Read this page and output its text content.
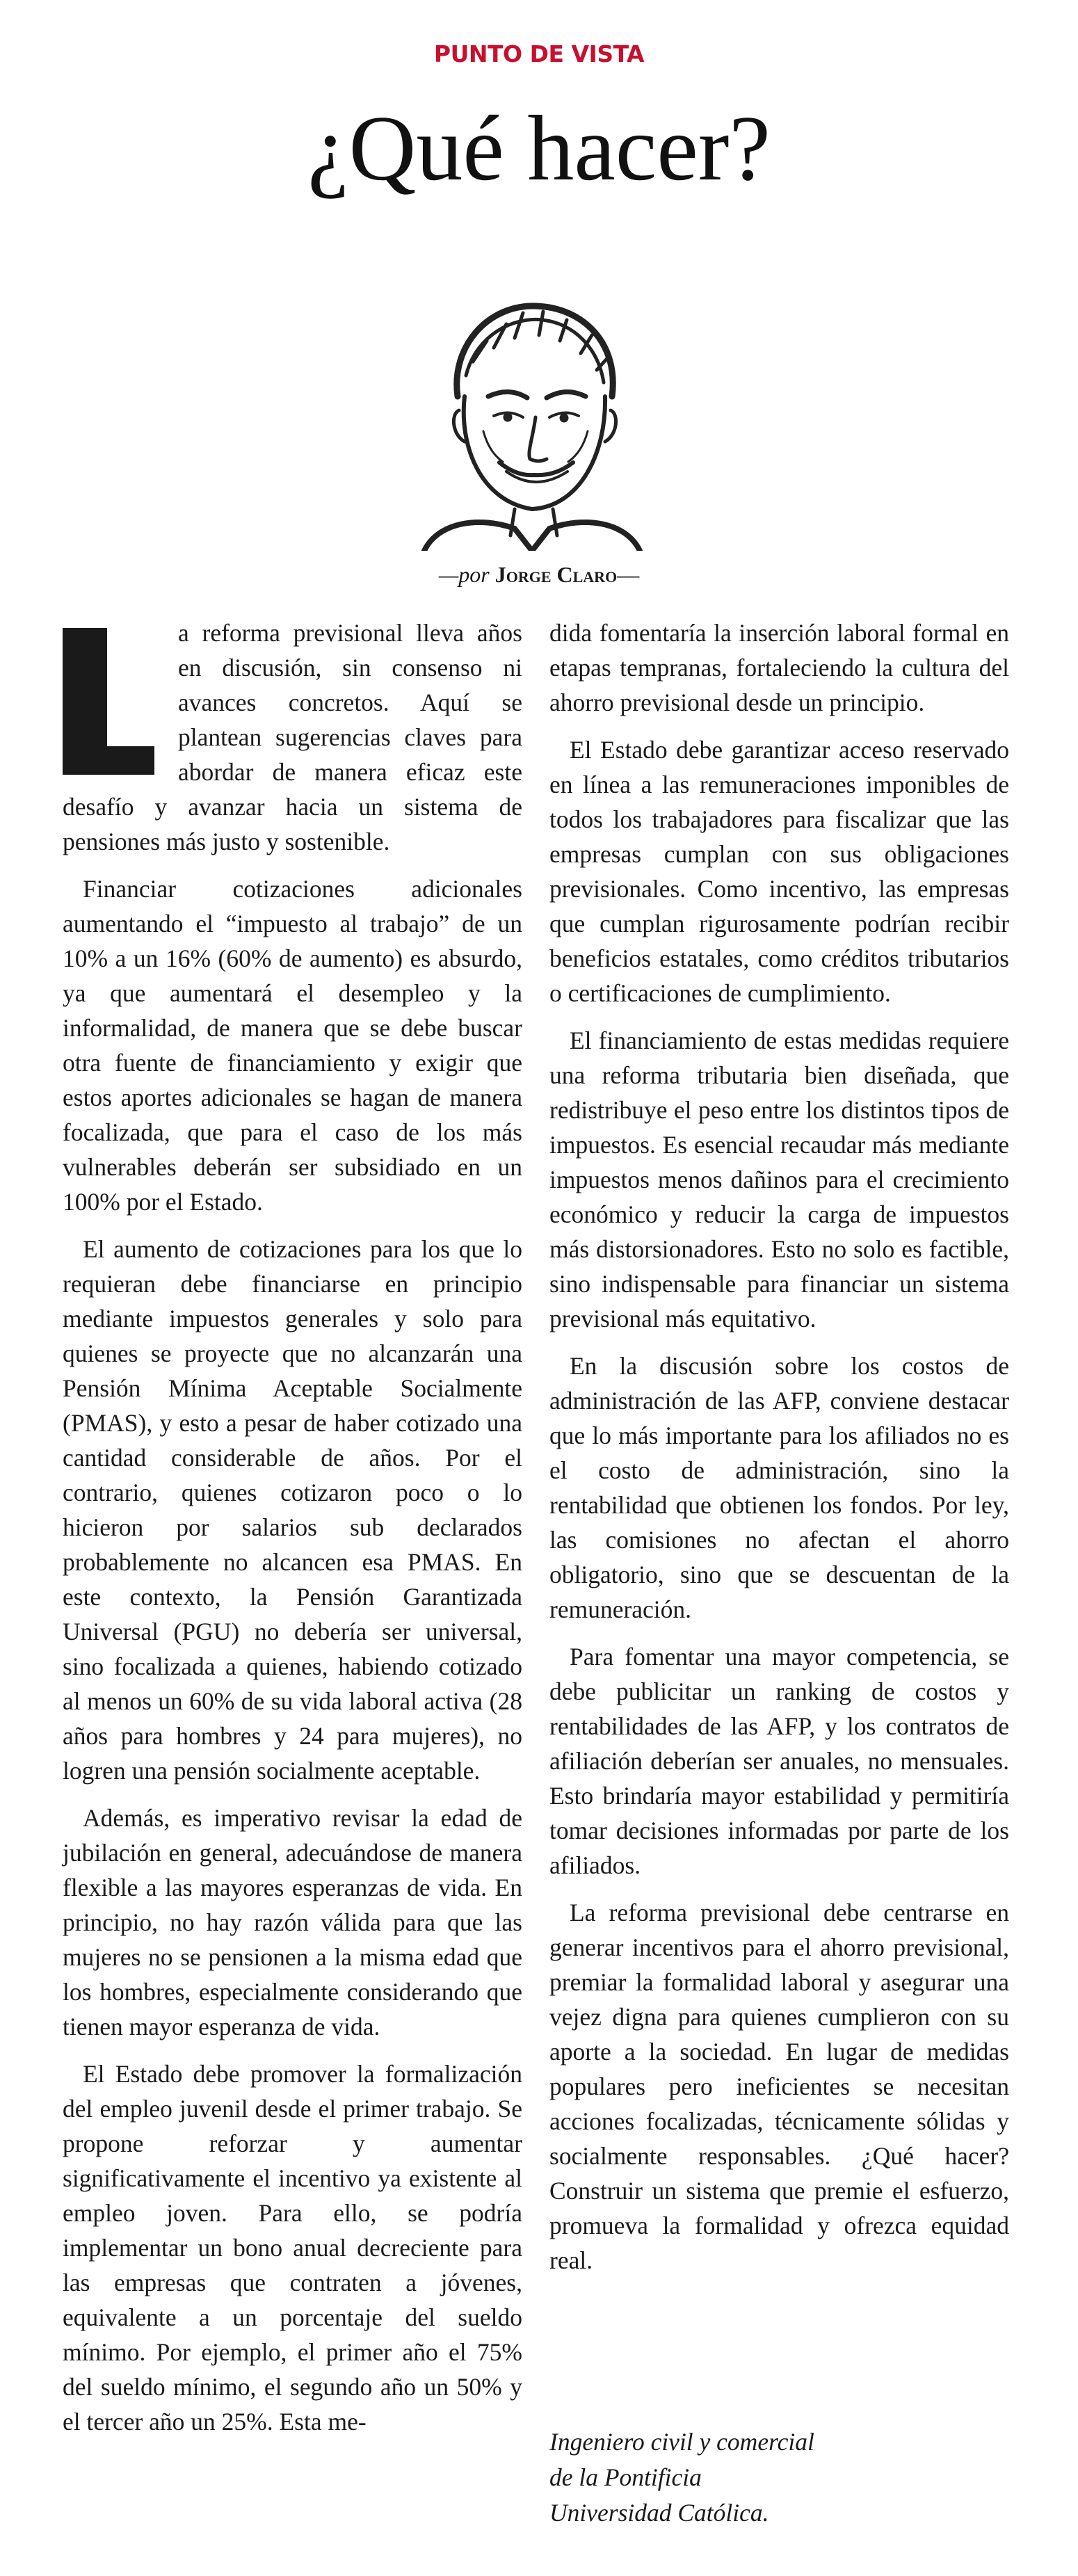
PUNTO DE VISTA
¿Qué hacer?
—por Jorge Claro—

a reforma previsional lleva años en discusión, sin consenso ni avances concretos. Aquí se plantean sugerencias claves para abordar de manera eficaz este desafío y avanzar hacia un sistema de pensiones más justo y sostenible.

Financiar cotizaciones adicionales aumentando el “impuesto al trabajo” de un 10% a un 16% (60% de aumento) es absurdo, ya que aumentará el desempleo y la informalidad, de manera que se debe buscar otra fuente de financiamiento y exigir que estos aportes adicionales se hagan de manera focalizada, que para el caso de los más vulnerables deberán ser subsidiado en un 100% por el Estado.

El aumento de cotizaciones para los que lo requieran debe financiarse en principio mediante impuestos generales y solo para quienes se proyecte que no alcanzarán una Pensión Mínima Aceptable Socialmente (PMAS), y esto a pesar de haber cotizado una cantidad considerable de años. Por el contrario, quienes cotizaron poco o lo hicieron por salarios sub declarados probablemente no alcancen esa PMAS. En este contexto, la Pensión Garantizada Universal (PGU) no debería ser universal, sino focalizada a quienes, habiendo cotizado al menos un 60% de su vida laboral activa (28 años para hombres y 24 para mujeres), no logren una pensión socialmente aceptable.

Además, es imperativo revisar la edad de jubilación en general, adecuándose de manera flexible a las mayores esperanzas de vida. En principio, no hay razón válida para que las mujeres no se pensionen a la misma edad que los hombres, especialmente considerando que tienen mayor esperanza de vida.

El Estado debe promover la formalización del empleo juvenil desde el primer trabajo. Se propone reforzar y aumentar significativamente el incentivo ya existente al empleo joven. Para ello, se podría implementar un bono anual decreciente para las empresas que contraten a jóvenes, equivalente a un porcentaje del sueldo mínimo. Por ejemplo, el primer año el 75% del sueldo mínimo, el segundo año un 50% y el tercer año un 25%. Esta me-

dida fomentaría la inserción laboral formal en etapas tempranas, fortaleciendo la cultura del ahorro previsional desde un principio.

El Estado debe garantizar acceso reservado en línea a las remuneraciones imponibles de todos los trabajadores para fiscalizar que las empresas cumplan con sus obligaciones previsionales. Como incentivo, las empresas que cumplan rigurosamente podrían recibir beneficios estatales, como créditos tributarios o certificaciones de cumplimiento.

El financiamiento de estas medidas requiere una reforma tributaria bien diseñada, que redistribuye el peso entre los distintos tipos de impuestos. Es esencial recaudar más mediante impuestos menos dañinos para el crecimiento económico y reducir la carga de impuestos más distorsionadores. Esto no solo es factible, sino indispensable para financiar un sistema previsional más equitativo.

En la discusión sobre los costos de administración de las AFP, conviene destacar que lo más importante para los afiliados no es el costo de administración, sino la rentabilidad que obtienen los fondos. Por ley, las comisiones no afectan el ahorro obligatorio, sino que se descuentan de la remuneración.

Para fomentar una mayor competencia, se debe publicitar un ranking de costos y rentabilidades de las AFP, y los contratos de afiliación deberían ser anuales, no mensuales. Esto brindaría mayor estabilidad y permitiría tomar decisiones informadas por parte de los afiliados.

La reforma previsional debe centrarse en generar incentivos para el ahorro previsional, premiar la formalidad laboral y asegurar una vejez digna para quienes cumplieron con su aporte a la sociedad. En lugar de medidas populares pero ineficientes se necesitan acciones focalizadas, técnicamente sólidas y socialmente responsables. ¿Qué hacer? Construir un sistema que premie el esfuerzo, promueva la formalidad y ofrezca equidad real.

Ingeniero civil y comercial
de la Pontificia
Universidad Católica.
